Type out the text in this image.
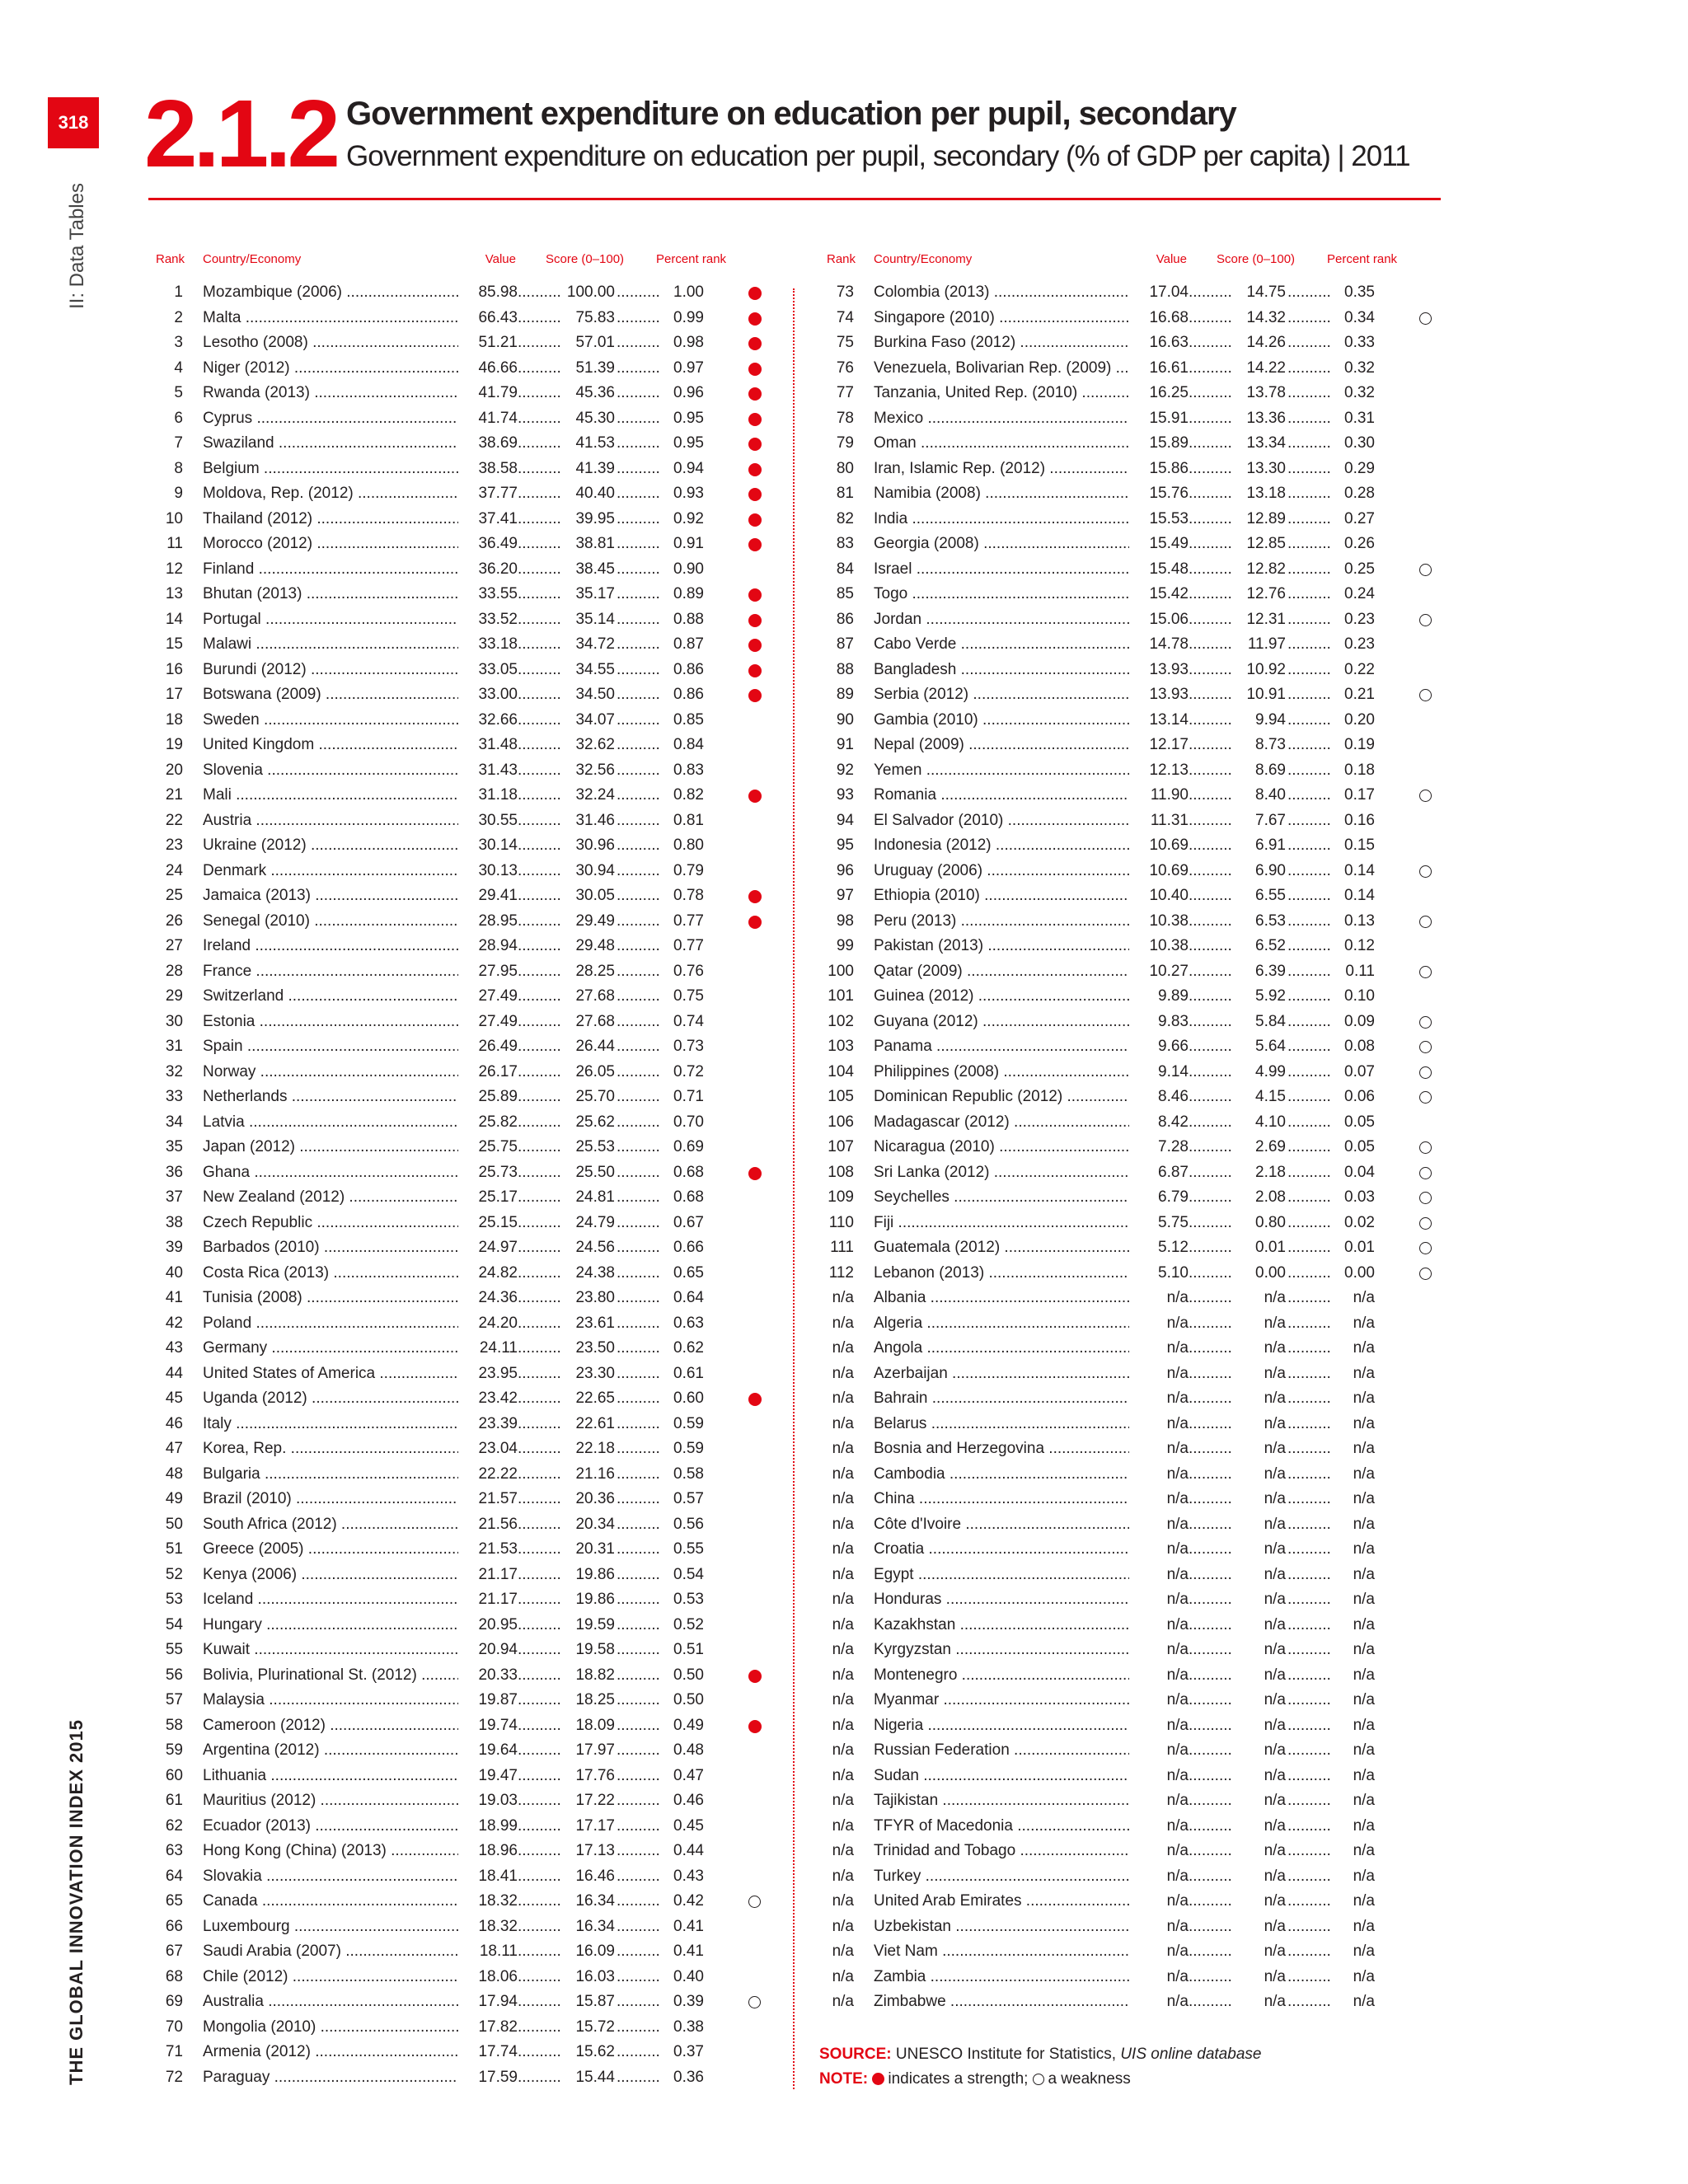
318
II: Data Tables
THE GLOBAL INNOVATION INDEX 2015
2.1.2 Government expenditure on education per pupil, secondary
Government expenditure on education per pupil, secondary (% of GDP per capita) | 2011
Rank Country/Economy	Value Score (0–100)	Percent rank
1 Mozambique (2006) .....	85.98 .....	100.00 .....	1.00
2 Malta .....	66.43 .....	75.83 .....	0.99
3 Lesotho (2008) .....	51.21 .....	57.01 .....	0.98
4 Niger (2012) .....	46.66 .....	51.39 .....	0.97
5 Rwanda (2013) .....	41.79 .....	45.36 .....	0.96
6 Cyprus .....	41.74 .....	45.30 .....	0.95
7 Swaziland .....	38.69 .....	41.53 .....	0.95
8 Belgium .....	38.58 .....	41.39 .....	0.94
9 Moldova, Rep. (2012) .....	37.77 .....	40.40 .....	0.93
10 Thailand (2012) .....	37.41 .....	39.95 .....	0.92
11 Morocco (2012) .....	36.49 .....	38.81 .....	0.91
12 Finland .....	36.20 .....	38.45 .....	0.90
13 Bhutan (2013) .....	33.55 .....	35.17 .....	0.89
14 Portugal .....	33.52 .....	35.14 .....	0.88
15 Malawi .....	33.18 .....	34.72 .....	0.87
16 Burundi (2012) .....	33.05 .....	34.55 .....	0.86
17 Botswana (2009) .....	33.00 .....	34.50 .....	0.86
18 Sweden .....	32.66 .....	34.07 .....	0.85
19 United Kingdom .....	31.48 .....	32.62 .....	0.84
20 Slovenia .....	31.43 .....	32.56 .....	0.83
21 Mali .....	31.18 .....	32.24 .....	0.82
22 Austria .....	30.55 .....	31.46 .....	0.81
23 Ukraine (2012) .....	30.14 .....	30.96 .....	0.80
24 Denmark .....	30.13 .....	30.94 .....	0.79
25 Jamaica (2013) .....	29.41 .....	30.05 .....	0.78
26 Senegal (2010) .....	28.95 .....	29.49 .....	0.77
27 Ireland .....	28.94 .....	29.48 .....	0.77
28 France .....	27.95 .....	28.25 .....	0.76
29 Switzerland .....	27.49 .....	27.68 .....	0.75
30 Estonia .....	27.49 .....	27.68 .....	0.74
31 Spain .....	26.49 .....	26.44 .....	0.73
32 Norway .....	26.17 .....	26.05 .....	0.72
33 Netherlands .....	25.89 .....	25.70 .....	0.71
34 Latvia .....	25.82 .....	25.62 .....	0.70
35 Japan (2012) .....	25.75 .....	25.53 .....	0.69
36 Ghana .....	25.73 .....	25.50 .....	0.68
37 New Zealand (2012) .....	25.17 .....	24.81 .....	0.68
38 Czech Republic .....	25.15 .....	24.79 .....	0.67
39 Barbados (2010) .....	24.97 .....	24.56 .....	0.66
40 Costa Rica (2013) .....	24.82 .....	24.38 .....	0.65
41 Tunisia (2008) .....	24.36 .....	23.80 .....	0.64
42 Poland .....	24.20 .....	23.61 .....	0.63
43 Germany .....	24.11 .....	23.50 .....	0.62
44 United States of America .....	23.95 .....	23.30 .....	0.61
45 Uganda (2012) .....	23.42 .....	22.65 .....	0.60
46 Italy .....	23.39 .....	22.61 .....	0.59
47 Korea, Rep. .....	23.04 .....	22.18 .....	0.59
48 Bulgaria .....	22.22 .....	21.16 .....	0.58
49 Brazil (2010) .....	21.57 .....	20.36 .....	0.57
50 South Africa (2012) .....	21.56 .....	20.34 .....	0.56
51 Greece (2005) .....	21.53 .....	20.31 .....	0.55
52 Kenya (2006) .....	21.17 .....	19.86 .....	0.54
53 Iceland .....	21.17 .....	19.86 .....	0.53
54 Hungary .....	20.95 .....	19.59 .....	0.52
55 Kuwait .....	20.94 .....	19.58 .....	0.51
56 Bolivia, Plurinational St. (2012) .....	20.33 .....	18.82 .....	0.50
57 Malaysia .....	19.87 .....	18.25 .....	0.50
58 Cameroon (2012) .....	19.74 .....	18.09 .....	0.49
59 Argentina (2012) .....	19.64 .....	17.97 .....	0.48
60 Lithuania .....	19.47 .....	17.76 .....	0.47
61 Mauritius (2012) .....	19.03 .....	17.22 .....	0.46
62 Ecuador (2013) .....	18.99 .....	17.17 .....	0.45
63 Hong Kong (China) (2013) .....	18.96 .....	17.13 .....	0.44
64 Slovakia .....	18.41 .....	16.46 .....	0.43
65 Canada .....	18.32 .....	16.34 .....	0.42
66 Luxembourg .....	18.32 .....	16.34 .....	0.41
67 Saudi Arabia (2007) .....	18.11 .....	16.09 .....	0.41
68 Chile (2012) .....	18.06 .....	16.03 .....	0.40
69 Australia .....	17.94 .....	15.87 .....	0.39
70 Mongolia (2010) .....	17.82 .....	15.72 .....	0.38
71 Armenia (2012) .....	17.74 .....	15.62 .....	0.37
72 Paraguay .....	17.59 .....	15.44 .....	0.36
Rank Country/Economy	Value Score (0–100)	Percent rank
73 Colombia (2013) .....	17.04 .....	14.75 .....	0.35
74 Singapore (2010) .....	16.68 .....	14.32 .....	0.34
75 Burkina Faso (2012) .....	16.63 .....	14.26 .....	0.33
76 Venezuela, Bolivarian Rep. (2009) .....	16.61 .....	14.22 .....	0.32
77 Tanzania, United Rep. (2010) .....	16.25 .....	13.78 .....	0.32
78 Mexico .....	15.91 .....	13.36 .....	0.31
79 Oman .....	15.89 .....	13.34 .....	0.30
80 Iran, Islamic Rep. (2012) .....	15.86 .....	13.30 .....	0.29
81 Namibia (2008) .....	15.76 .....	13.18 .....	0.28
82 India .....	15.53 .....	12.89 .....	0.27
83 Georgia (2008) .....	15.49 .....	12.85 .....	0.26
84 Israel .....	15.48 .....	12.82 .....	0.25
85 Togo .....	15.42 .....	12.76 .....	0.24
86 Jordan .....	15.06 .....	12.31 .....	0.23
87 Cabo Verde .....	14.78 .....	11.97 .....	0.23
88 Bangladesh .....	13.93 .....	10.92 .....	0.22
89 Serbia (2012) .....	13.93 .....	10.91 .....	0.21
90 Gambia (2010) .....	13.14 .....	9.94 .....	0.20
91 Nepal (2009) .....	12.17 .....	8.73 .....	0.19
92 Yemen .....	12.13 .....	8.69 .....	0.18
93 Romania .....	11.90 .....	8.40 .....	0.17
94 El Salvador (2010) .....	11.31 .....	7.67 .....	0.16
95 Indonesia (2012) .....	10.69 .....	6.91 .....	0.15
96 Uruguay (2006) .....	10.69 .....	6.90 .....	0.14
97 Ethiopia (2010) .....	10.40 .....	6.55 .....	0.14
98 Peru (2013) .....	10.38 .....	6.53 .....	0.13
99 Pakistan (2013) .....	10.38 .....	6.52 .....	0.12
100 Qatar (2009) .....	10.27 .....	6.39 .....	0.11
101 Guinea (2012) .....	9.89 .....	5.92 .....	0.10
102 Guyana (2012) .....	9.83 .....	5.84 .....	0.09
103 Panama .....	9.66 .....	5.64 .....	0.08
104 Philippines (2008) .....	9.14 .....	4.99 .....	0.07
105 Dominican Republic (2012) .....	8.46 .....	4.15 .....	0.06
106 Madagascar (2012) .....	8.42 .....	4.10 .....	0.05
107 Nicaragua (2010) .....	7.28 .....	2.69 .....	0.05
108 Sri Lanka (2012) .....	6.87 .....	2.18 .....	0.04
109 Seychelles .....	6.79 .....	2.08 .....	0.03
110 Fiji .....	5.75 .....	0.80 .....	0.02
111 Guatemala (2012) .....	5.12 .....	0.01 .....	0.01
112 Lebanon (2013) .....	5.10 .....	0.00 .....	0.00
n/a Albania .....	n/a .....	n/a .....	n/a
n/a Algeria .....	n/a .....	n/a .....	n/a
n/a Angola .....	n/a .....	n/a .....	n/a
n/a Azerbaijan .....	n/a .....	n/a .....	n/a
n/a Bahrain .....	n/a .....	n/a .....	n/a
n/a Belarus .....	n/a .....	n/a .....	n/a
n/a Bosnia and Herzegovina .....	n/a .....	n/a .....	n/a
n/a Cambodia .....	n/a .....	n/a .....	n/a
n/a China .....	n/a .....	n/a .....	n/a
n/a Côte d'Ivoire .....	n/a .....	n/a .....	n/a
n/a Croatia .....	n/a .....	n/a .....	n/a
n/a Egypt .....	n/a .....	n/a .....	n/a
n/a Honduras .....	n/a .....	n/a .....	n/a
n/a Kazakhstan .....	n/a .....	n/a .....	n/a
n/a Kyrgyzstan .....	n/a .....	n/a .....	n/a
n/a Montenegro .....	n/a .....	n/a .....	n/a
n/a Myanmar .....	n/a .....	n/a .....	n/a
n/a Nigeria .....	n/a .....	n/a .....	n/a
n/a Russian Federation .....	n/a .....	n/a .....	n/a
n/a Sudan .....	n/a .....	n/a .....	n/a
n/a Tajikistan .....	n/a .....	n/a .....	n/a
n/a TFYR of Macedonia .....	n/a .....	n/a .....	n/a
n/a Trinidad and Tobago .....	n/a .....	n/a .....	n/a
n/a Turkey .....	n/a .....	n/a .....	n/a
n/a United Arab Emirates .....	n/a .....	n/a .....	n/a
n/a Uzbekistan .....	n/a .....	n/a .....	n/a
n/a Viet Nam .....	n/a .....	n/a .....	n/a
n/a Zambia .....	n/a .....	n/a .....	n/a
n/a Zimbabwe .....	n/a .....	n/a .....	n/a
SOURCE: UNESCO Institute for Statistics, UIS online database
NOTE: indicates a strength; a weakness
